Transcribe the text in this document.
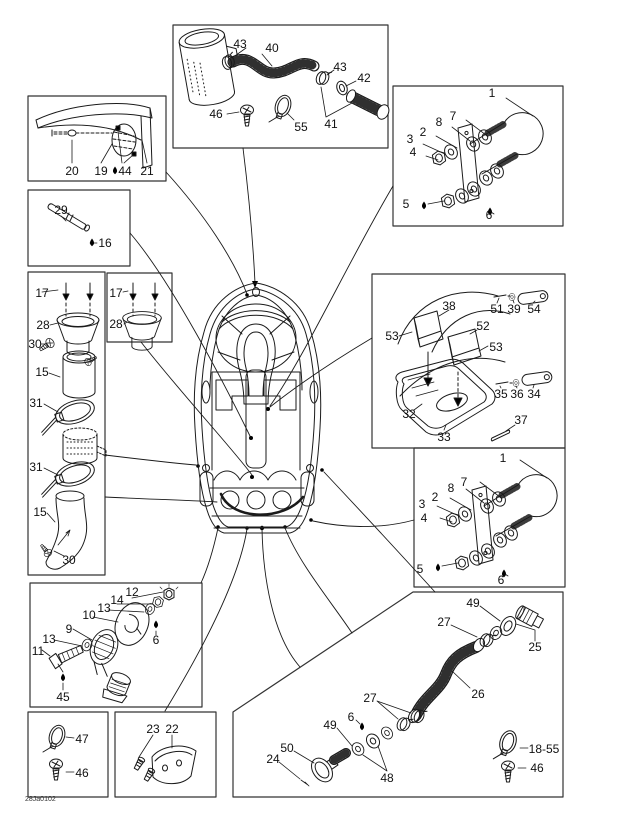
20 19 44 21
43 40
43
42
41
46
55
1
7
8
2
3
4
5
6
29
16
17
28
30
15
31
31
15
30
17
28
38	51 39 54
53
52
53
32
33
35 36 34
37
1
7
8
2
3
4
5
6
12
14
13
10
9
13
11
6
45
49
27
25
26
27
6
49
50
24
48
18-55
46
47
46
23 22
28Ja0102
